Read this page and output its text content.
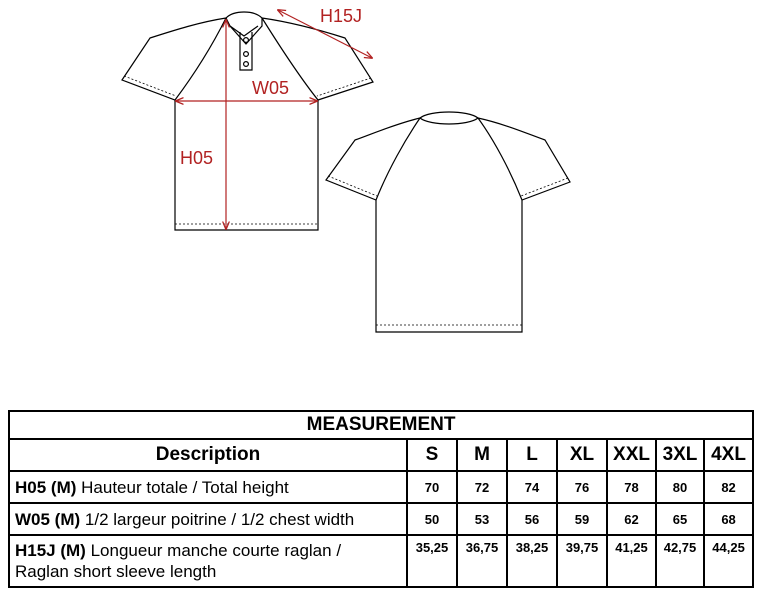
H15J
W05
H05
MEASUREMENT							
Description	S	M	L	XL	XXL	3XL	4XL
H05 (M) Hauteur totale / Total height	70	72	74	76	78	80	82
W05 (M) 1/2 largeur poitrine / 1/2 chest width	50	53	56	59	62	65	68
H15J (M) Longueur manche courte raglan /
Raglan short sleeve length	35,25	36,75	38,25	39,75	41,25	42,75	44,25
